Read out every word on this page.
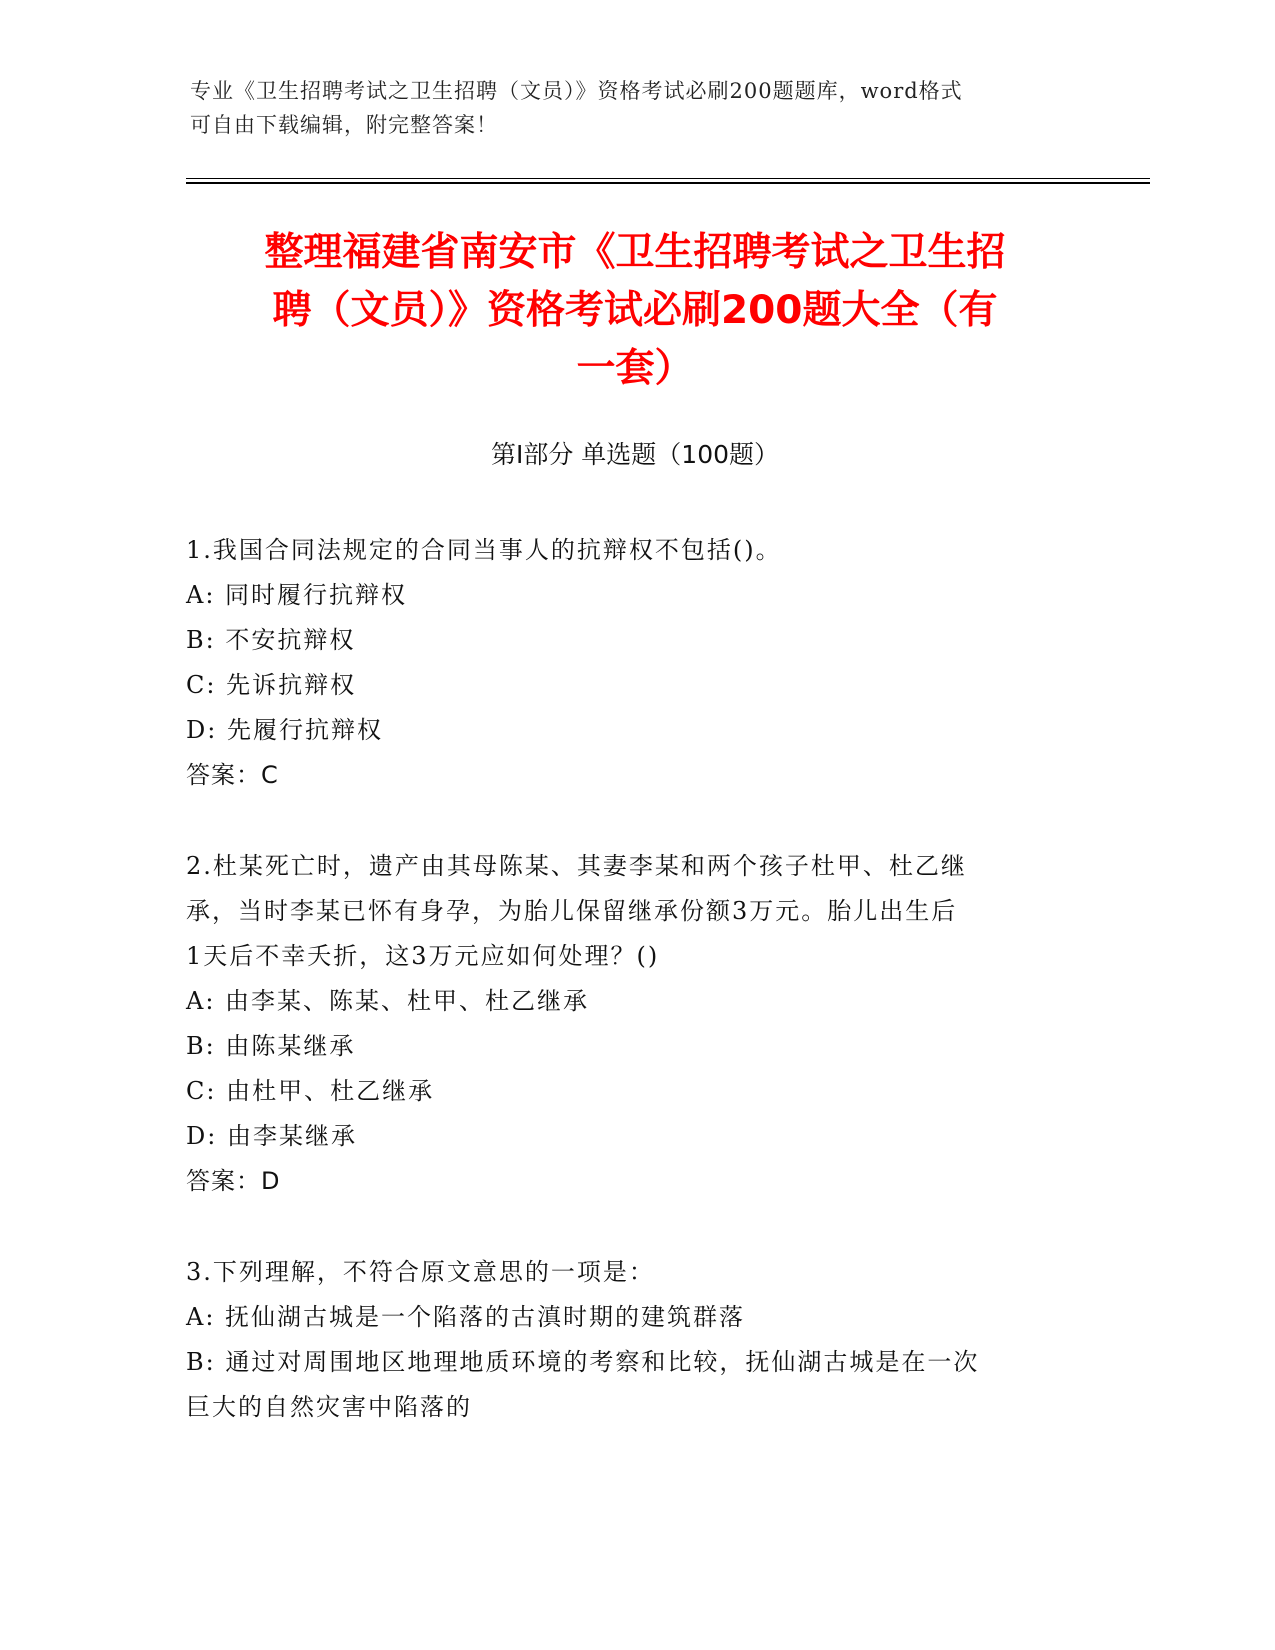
专业《卫生招聘考试之卫生招聘（文员）》资格考试必刷200题题库，word格式
可自由下载编辑，附完整答案！
整理福建省南安市《卫生招聘考试之卫生招
聘（文员）》资格考试必刷200题大全（有
一套）
第Ⅰ部分 单选题（100题）
1.我国合同法规定的合同当事人的抗辩权不包括()。
A: 同时履行抗辩权
B: 不安抗辩权
C: 先诉抗辩权
D: 先履行抗辩权
答案：C
2.杜某死亡时，遗产由其母陈某、其妻李某和两个孩子杜甲、杜乙继
承，当时李某已怀有身孕，为胎儿保留继承份额3万元。胎儿出生后
1天后不幸夭折，这3万元应如何处理？()
A: 由李某、陈某、杜甲、杜乙继承
B: 由陈某继承
C: 由杜甲、杜乙继承
D: 由李某继承
答案：D
3.下列理解，不符合原文意思的一项是：
A: 抚仙湖古城是一个陷落的古滇时期的建筑群落
B: 通过对周围地区地理地质环境的考察和比较，抚仙湖古城是在一次
巨大的自然灾害中陷落的
